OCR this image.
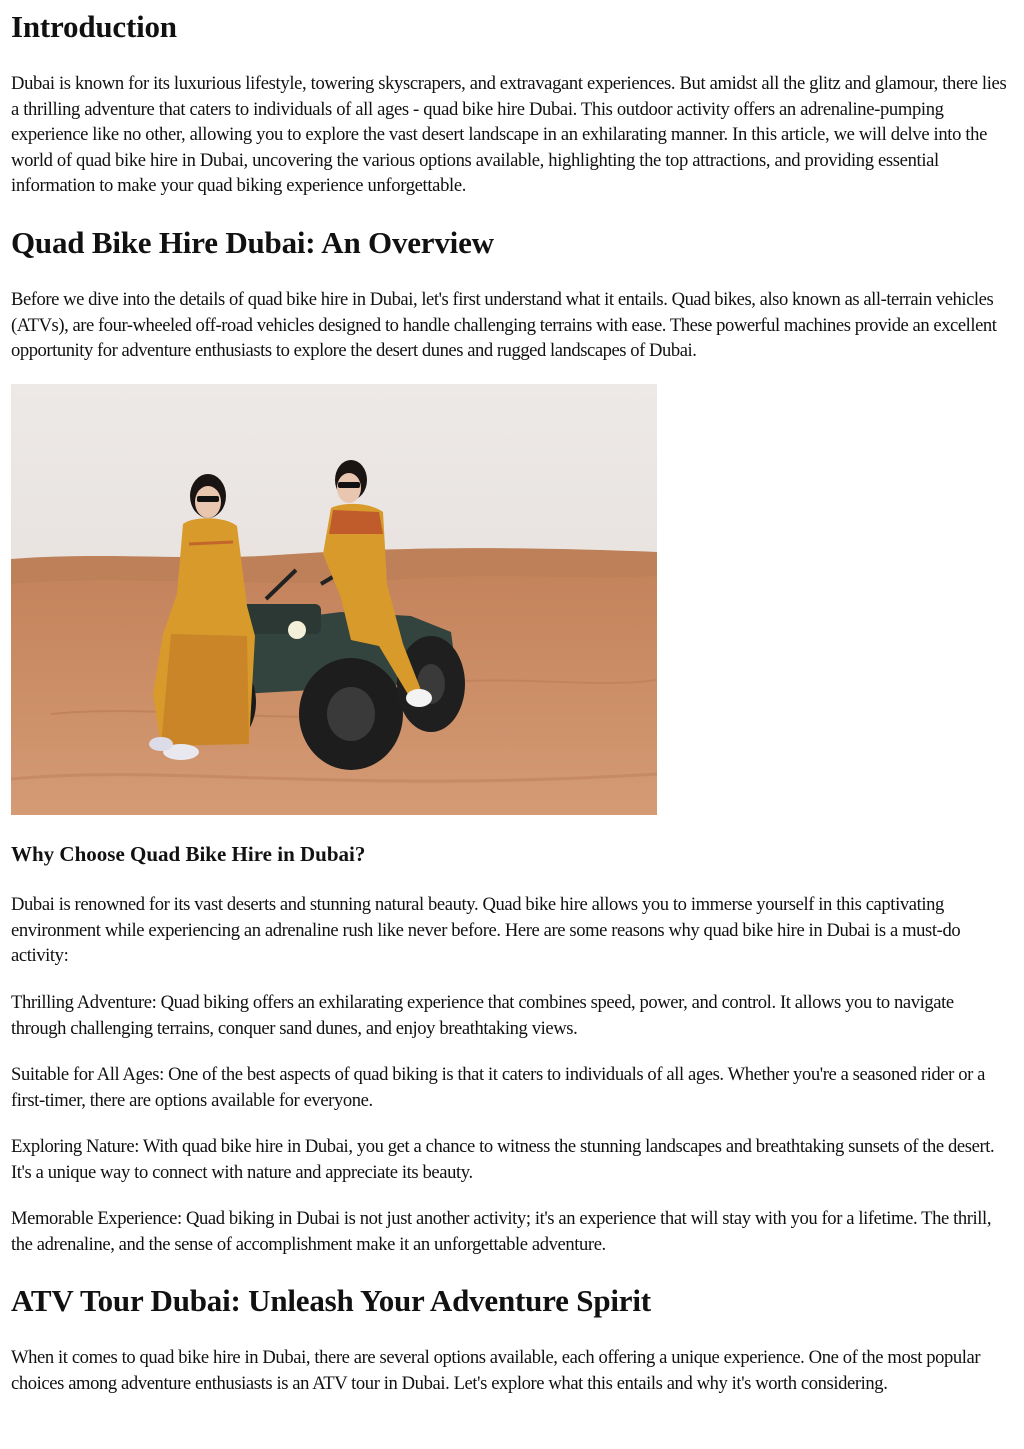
Introduction

Dubai is known for its luxurious lifestyle, towering skyscrapers, and extravagant experiences. But amidst all the glitz and glamour, there lies a thrilling adventure that caters to individuals of all ages - quad bike hire Dubai. This outdoor activity offers an adrenaline-pumping experience like no other, allowing you to explore the vast desert landscape in an exhilarating manner. In this article, we will delve into the world of quad bike hire in Dubai, uncovering the various options available, highlighting the top attractions, and providing essential information to make your quad biking experience unforgettable.

Quad Bike Hire Dubai: An Overview

Before we dive into the details of quad bike hire in Dubai, let's first understand what it entails. Quad bikes, also known as all-terrain vehicles (ATVs), are four-wheeled off-road vehicles designed to handle challenging terrains with ease. These powerful machines provide an excellent opportunity for adventure enthusiasts to explore the desert dunes and rugged landscapes of Dubai.

Why Choose Quad Bike Hire in Dubai?

Dubai is renowned for its vast deserts and stunning natural beauty. Quad bike hire allows you to immerse yourself in this captivating environment while experiencing an adrenaline rush like never before. Here are some reasons why quad bike hire in Dubai is a must-do activity:

Thrilling Adventure: Quad biking offers an exhilarating experience that combines speed, power, and control. It allows you to navigate through challenging terrains, conquer sand dunes, and enjoy breathtaking views.

Suitable for All Ages: One of the best aspects of quad biking is that it caters to individuals of all ages. Whether you're a seasoned rider or a first-timer, there are options available for everyone.

Exploring Nature: With quad bike hire in Dubai, you get a chance to witness the stunning landscapes and breathtaking sunsets of the desert. It's a unique way to connect with nature and appreciate its beauty.

Memorable Experience: Quad biking in Dubai is not just another activity; it's an experience that will stay with you for a lifetime. The thrill, the adrenaline, and the sense of accomplishment make it an unforgettable adventure.

ATV Tour Dubai: Unleash Your Adventure Spirit

When it comes to quad bike hire in Dubai, there are several options available, each offering a unique experience. One of the most popular choices among adventure enthusiasts is an ATV tour in Dubai. Let's explore what this entails and why it's worth considering.
